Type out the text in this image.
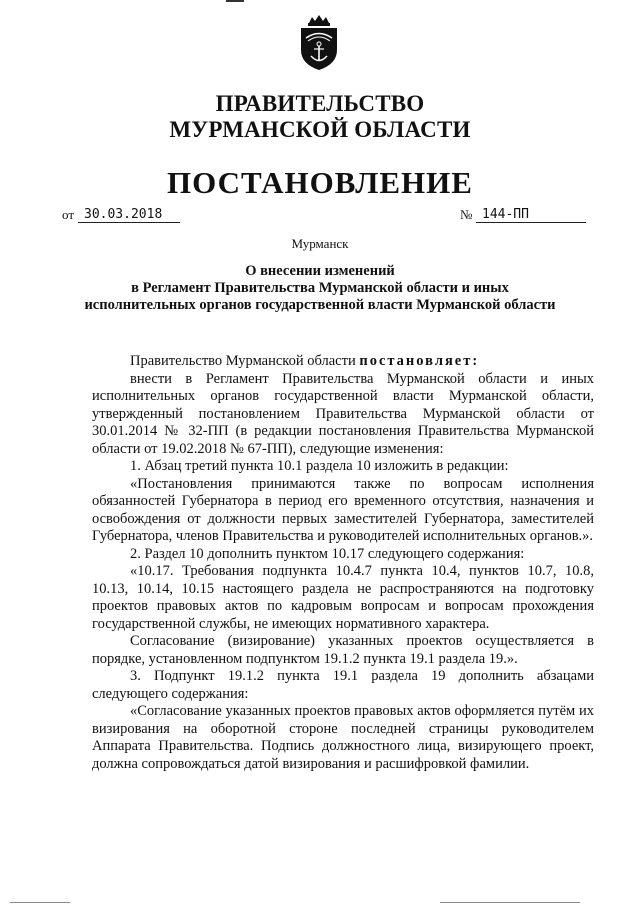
ПРАВИТЕЛЬСТВО
МУРМАНСКОЙ ОБЛАСТИ
ПОСТАНОВЛЕНИЕ
от 30.03.2018	№ 144-ПП
Мурманск
О внесении изменений
в Регламент Правительства Мурманской области и иных
исполнительных органов государственной власти Мурманской области

Правительство Мурманской области постановляет:

внести в Регламент Правительства Мурманской области и иных исполнительных органов государственной власти Мурманской области, утвержденный постановлением Правительства Мурманской области от 30.01.2014 № 32-ПП (в редакции постановления Правительства Мурманской области от 19.02.2018 № 67-ПП), следующие изменения:

1. Абзац третий пункта 10.1 раздела 10 изложить в редакции:

«Постановления принимаются также по вопросам исполнения обязанностей Губернатора в период его временного отсутствия, назначения и освобождения от должности первых заместителей Губернатора, заместителей Губернатора, членов Правительства и руководителей исполнительных органов.».

2. Раздел 10 дополнить пунктом 10.17 следующего содержания:

«10.17. Требования подпункта 10.4.7 пункта 10.4, пунктов 10.7, 10.8, 10.13, 10.14, 10.15 настоящего раздела не распространяются на подготовку проектов правовых актов по кадровым вопросам и вопросам прохождения государственной службы, не имеющих нормативного характера.

Согласование (визирование) указанных проектов осуществляется в порядке, установленном подпунктом 19.1.2 пункта 19.1 раздела 19.».

3. Подпункт 19.1.2 пункта 19.1 раздела 19 дополнить абзацами следующего содержания:

«Согласование указанных проектов правовых актов оформляется путём их визирования на оборотной стороне последней страницы руководителем Аппарата Правительства. Подпись должностного лица, визирующего проект, должна сопровождаться датой визирования и расшифровкой фамилии.
